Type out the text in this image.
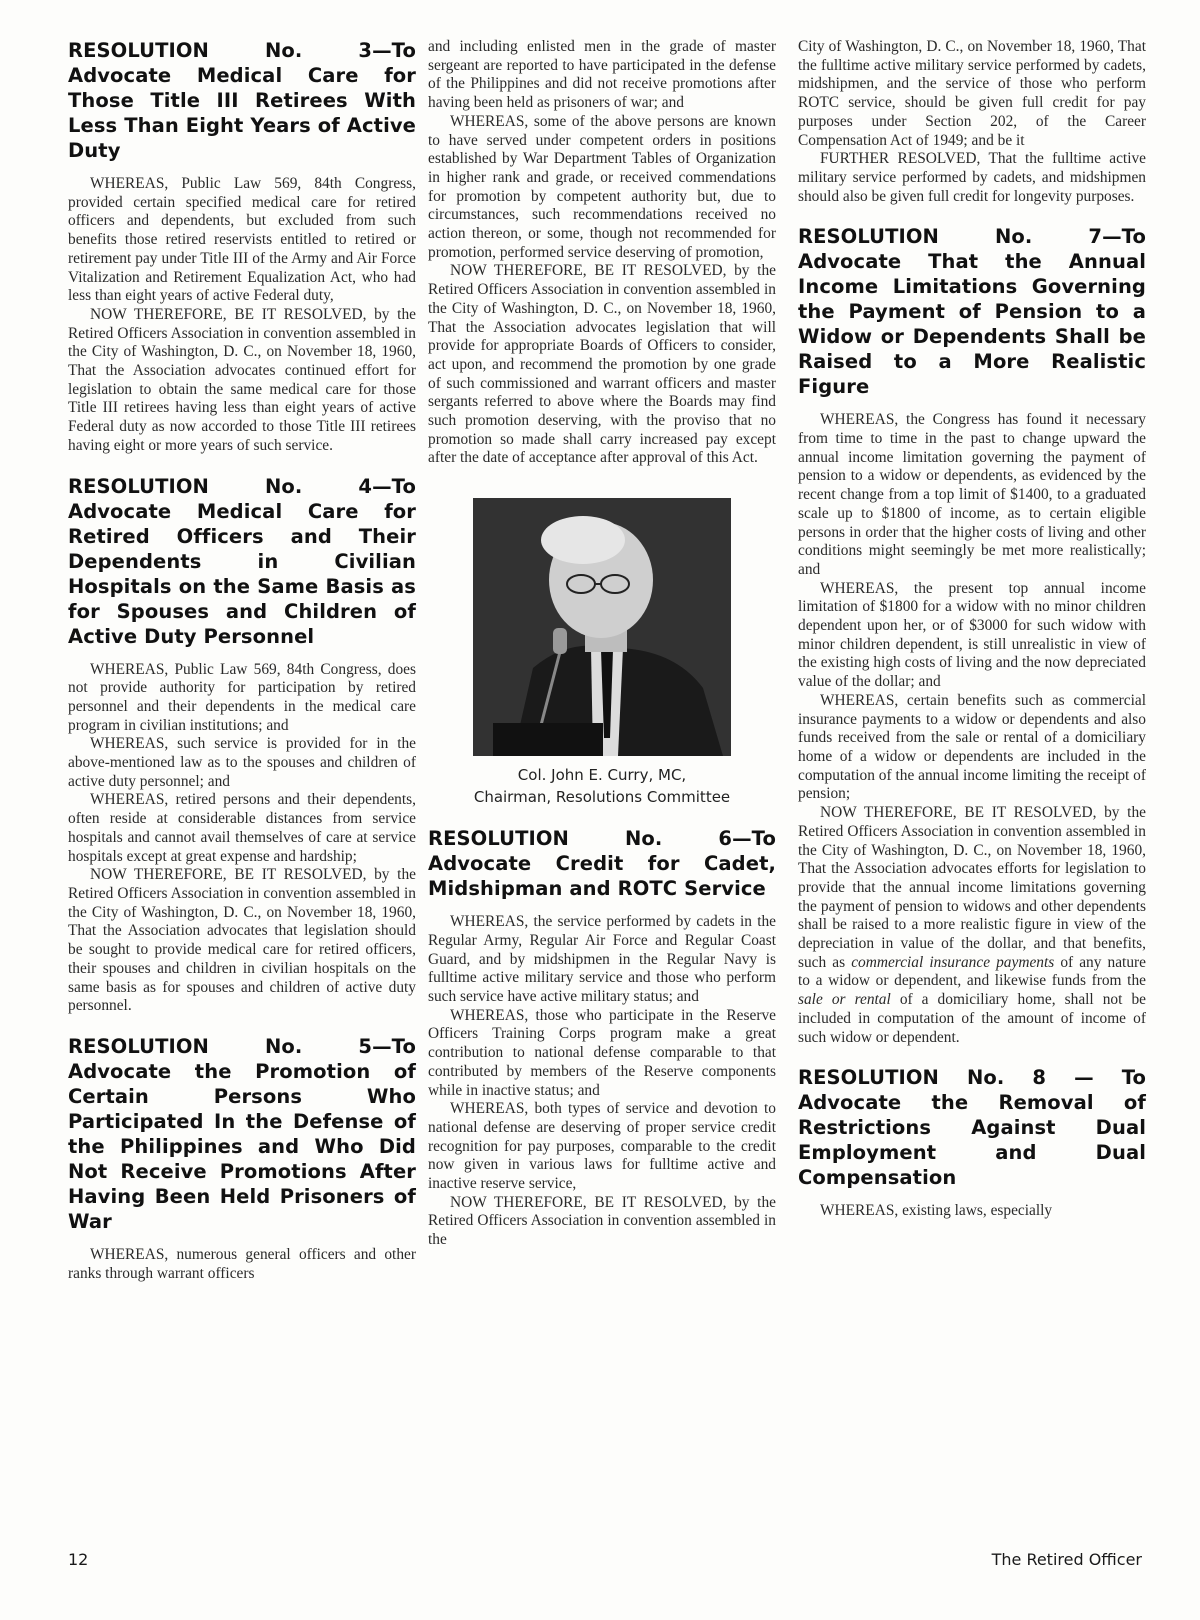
RESOLUTION No. 3—To Advocate Medical Care for Those Title III Retirees With Less Than Eight Years of Active Duty

WHEREAS, Public Law 569, 84th Congress, provided certain specified medical care for retired officers and dependents, but excluded from such benefits those retired reservists entitled to retired or retirement pay under Title III of the Army and Air Force Vitalization and Retirement Equalization Act, who had less than eight years of active Federal duty,

NOW THEREFORE, BE IT RESOLVED, by the Retired Officers Association in convention assembled in the City of Washington, D. C., on November 18, 1960, That the Association advocates continued effort for legislation to obtain the same medical care for those Title III retirees having less than eight years of active Federal duty as now accorded to those Title III retirees having eight or more years of such service.

RESOLUTION No. 4—To Advocate Medical Care for Retired Officers and Their Dependents in Civilian Hospitals on the Same Basis as for Spouses and Children of Active Duty Personnel

WHEREAS, Public Law 569, 84th Congress, does not provide authority for participation by retired personnel and their dependents in the medical care program in civilian institutions; and

WHEREAS, such service is provided for in the above-mentioned law as to the spouses and children of active duty personnel; and

WHEREAS, retired persons and their dependents, often reside at considerable distances from service hospitals and cannot avail themselves of care at service hospitals except at great expense and hardship;

NOW THEREFORE, BE IT RESOLVED, by the Retired Officers Association in convention assembled in the City of Washington, D. C., on November 18, 1960, That the Association advocates that legislation should be sought to provide medical care for retired officers, their spouses and children in civilian hospitals on the same basis as for spouses and children of active duty personnel.

RESOLUTION No. 5—To Advocate the Promotion of Certain Persons Who Participated In the Defense of the Philippines and Who Did Not Receive Promotions After Having Been Held Prisoners of War

WHEREAS, numerous general officers and other ranks through warrant officers

and including enlisted men in the grade of master sergeant are reported to have participated in the defense of the Philippines and did not receive promotions after having been held as prisoners of war; and

WHEREAS, some of the above persons are known to have served under competent orders in positions established by War Department Tables of Organization in higher rank and grade, or received commendations for promotion by competent authority but, due to circumstances, such recommendations received no action thereon, or some, though not recommended for promotion, performed service deserving of promotion,

NOW THEREFORE, BE IT RESOLVED, by the Retired Officers Association in convention assembled in the City of Washington, D. C., on November 18, 1960, That the Association advocates legislation that will provide for appropriate Boards of Officers to consider, act upon, and recommend the promotion by one grade of such commissioned and warrant officers and master sergants referred to above where the Boards may find such promotion deserving, with the proviso that no promotion so made shall carry increased pay except after the date of acceptance after approval of this Act.

Col. John E. Curry, MC,
Chairman, Resolutions Committee
RESOLUTION No. 6—To Advocate Credit for Cadet, Midshipman and ROTC Service

WHEREAS, the service performed by cadets in the Regular Army, Regular Air Force and Regular Coast Guard, and by midshipmen in the Regular Navy is fulltime active military service and those who perform such service have active military status; and

WHEREAS, those who participate in the Reserve Officers Training Corps program make a great contribution to national defense comparable to that contributed by members of the Reserve components while in inactive status; and

WHEREAS, both types of service and devotion to national defense are deserving of proper service credit recognition for pay purposes, comparable to the credit now given in various laws for fulltime active and inactive reserve service,

NOW THEREFORE, BE IT RESOLVED, by the Retired Officers Association in convention assembled in the

City of Washington, D. C., on November 18, 1960, That the fulltime active military service performed by cadets, midshipmen, and the service of those who perform ROTC service, should be given full credit for pay purposes under Section 202, of the Career Compensation Act of 1949; and be it

FURTHER RESOLVED, That the fulltime active military service performed by cadets, and midshipmen should also be given full credit for longevity purposes.

RESOLUTION No. 7—To Advocate That the Annual Income Limitations Governing the Payment of Pension to a Widow or Dependents Shall be Raised to a More Realistic Figure

WHEREAS, the Congress has found it necessary from time to time in the past to change upward the annual income limitation governing the payment of pension to a widow or dependents, as evidenced by the recent change from a top limit of $1400, to a graduated scale up to $1800 of income, as to certain eligible persons in order that the higher costs of living and other conditions might seemingly be met more realistically; and

WHEREAS, the present top annual income limitation of $1800 for a widow with no minor children dependent upon her, or of $3000 for such widow with minor children dependent, is still unrealistic in view of the existing high costs of living and the now depreciated value of the dollar; and

WHEREAS, certain benefits such as commercial insurance payments to a widow or dependents and also funds received from the sale or rental of a domiciliary home of a widow or dependents are included in the computation of the annual income limiting the receipt of pension;

NOW THEREFORE, BE IT RESOLVED, by the Retired Officers Association in convention assembled in the City of Washington, D. C., on November 18, 1960, That the Association advocates efforts for legislation to provide that the annual income limitations governing the payment of pension to widows and other dependents shall be raised to a more realistic figure in view of the depreciation in value of the dollar, and that benefits, such as commercial insurance payments of any nature to a widow or dependent, and likewise funds from the sale or rental of a domiciliary home, shall not be included in computation of the amount of income of such widow or dependent.

RESOLUTION No. 8 — To Advocate the Removal of Restrictions Against Dual Employment and Dual Compensation

WHEREAS, existing laws, especially

12	The Retired Officer
